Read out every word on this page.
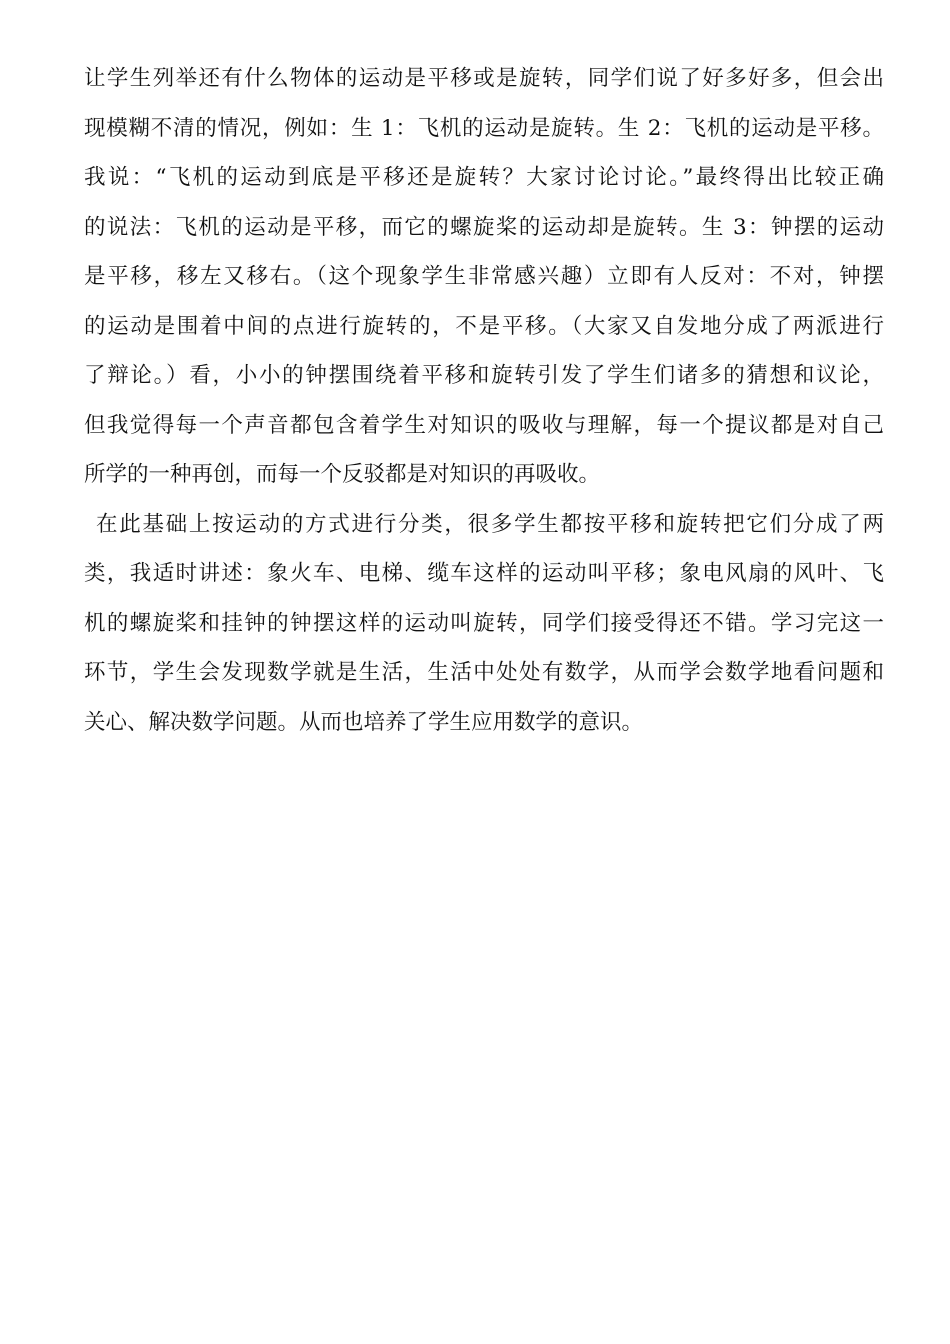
让学生列举还有什么物体的运动是平移或是旋转，同学们说了好多好多，但会出
现模糊不清的情况，例如：生 1：飞机的运动是旋转。生 2：飞机的运动是平移。
我说：“飞机的运动到底是平移还是旋转？大家讨论讨论。”最终得出比较正确
的说法：飞机的运动是平移，而它的螺旋桨的运动却是旋转。生 3：钟摆的运动
是平移，移左又移右。（这个现象学生非常感兴趣）立即有人反对：不对，钟摆
的运动是围着中间的点进行旋转的，不是平移。（大家又自发地分成了两派进行
了辩论。）看，小小的钟摆围绕着平移和旋转引发了学生们诸多的猜想和议论，
但我觉得每一个声音都包含着学生对知识的吸收与理解，每一个提议都是对自己
所学的一种再创，而每一个反驳都是对知识的再吸收。
在此基础上按运动的方式进行分类，很多学生都按平移和旋转把它们分成了两
类，我适时讲述：象火车、电梯、缆车这样的运动叫平移；象电风扇的风叶、飞
机的螺旋桨和挂钟的钟摆这样的运动叫旋转，同学们接受得还不错。学习完这一
环节，学生会发现数学就是生活，生活中处处有数学，从而学会数学地看问题和
关心、解决数学问题。从而也培养了学生应用数学的意识。
